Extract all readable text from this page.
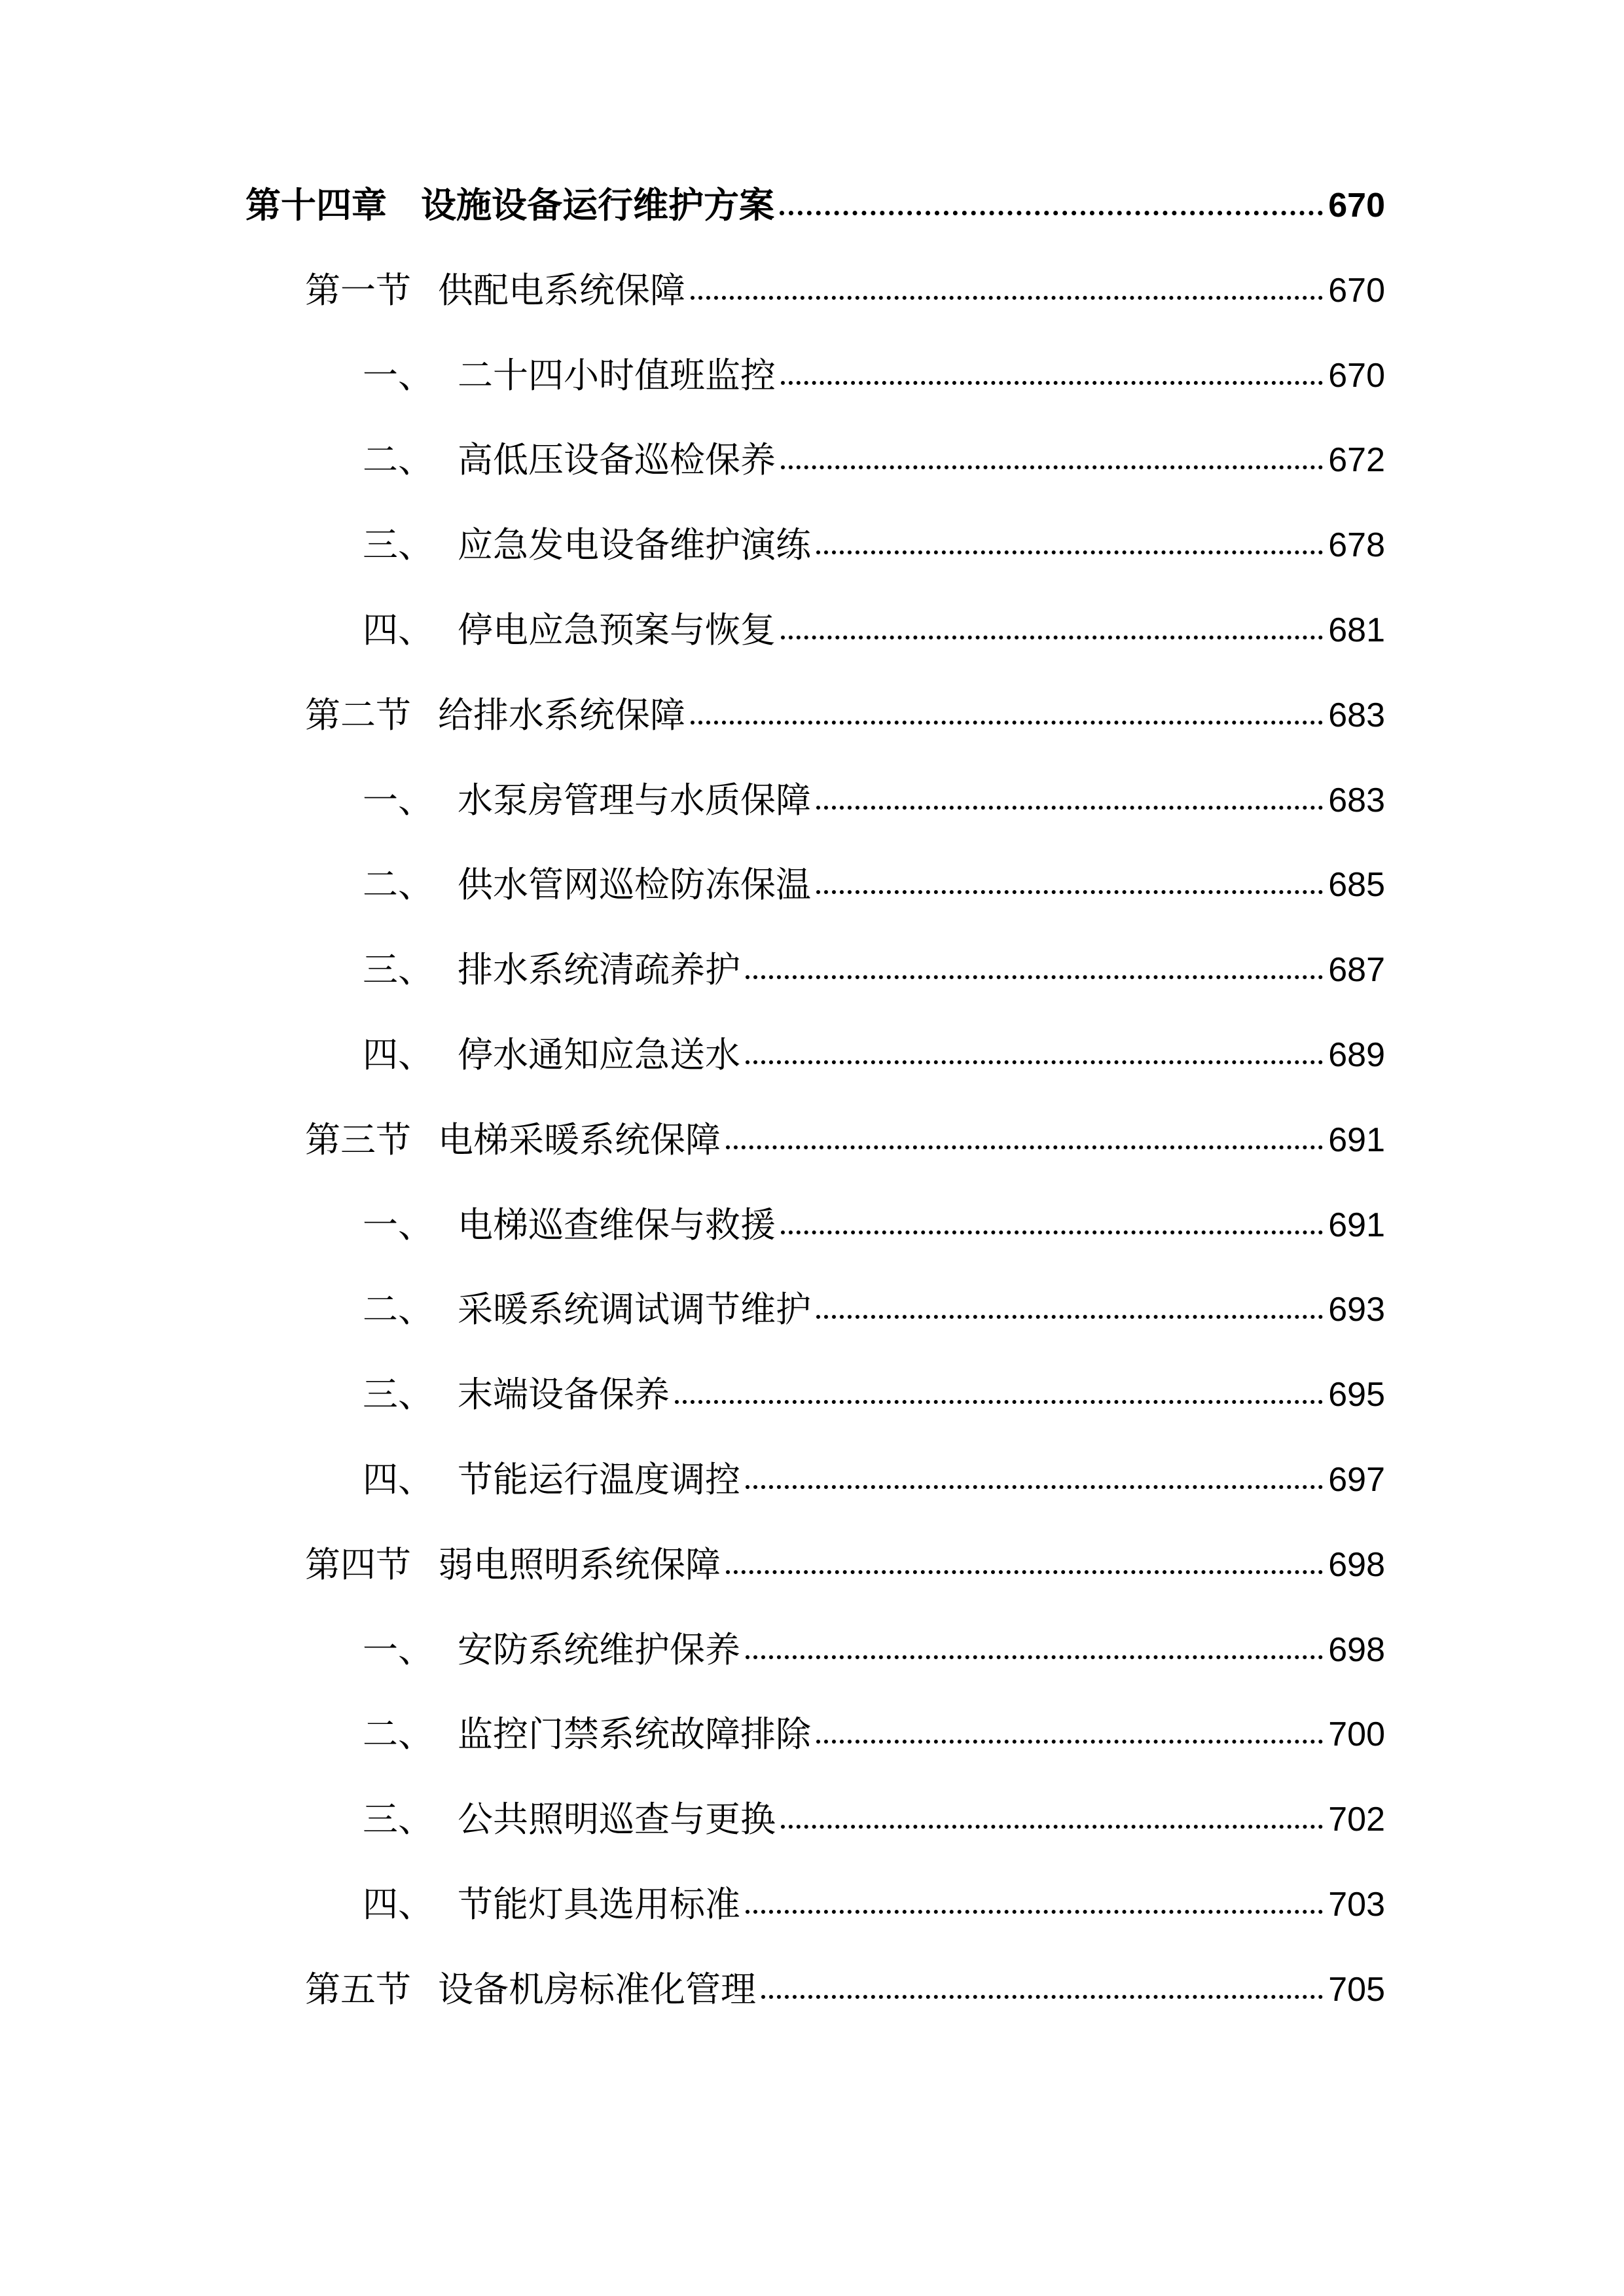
第十四章 设施设备运行维护方案	670
第一节 供配电系统保障	670
一、 二十四小时值班监控	670
二、 高低压设备巡检保养	672
三、 应急发电设备维护演练	678
四、 停电应急预案与恢复	681
第二节 给排水系统保障	683
一、 水泵房管理与水质保障	683
二、 供水管网巡检防冻保温	685
三、 排水系统清疏养护	687
四、 停水通知应急送水	689
第三节 电梯采暖系统保障	691
一、 电梯巡查维保与救援	691
二、 采暖系统调试调节维护	693
三、 末端设备保养	695
四、 节能运行温度调控	697
第四节 弱电照明系统保障	698
一、 安防系统维护保养	698
二、 监控门禁系统故障排除	700
三、 公共照明巡查与更换	702
四、 节能灯具选用标准	703
第五节 设备机房标准化管理	705
